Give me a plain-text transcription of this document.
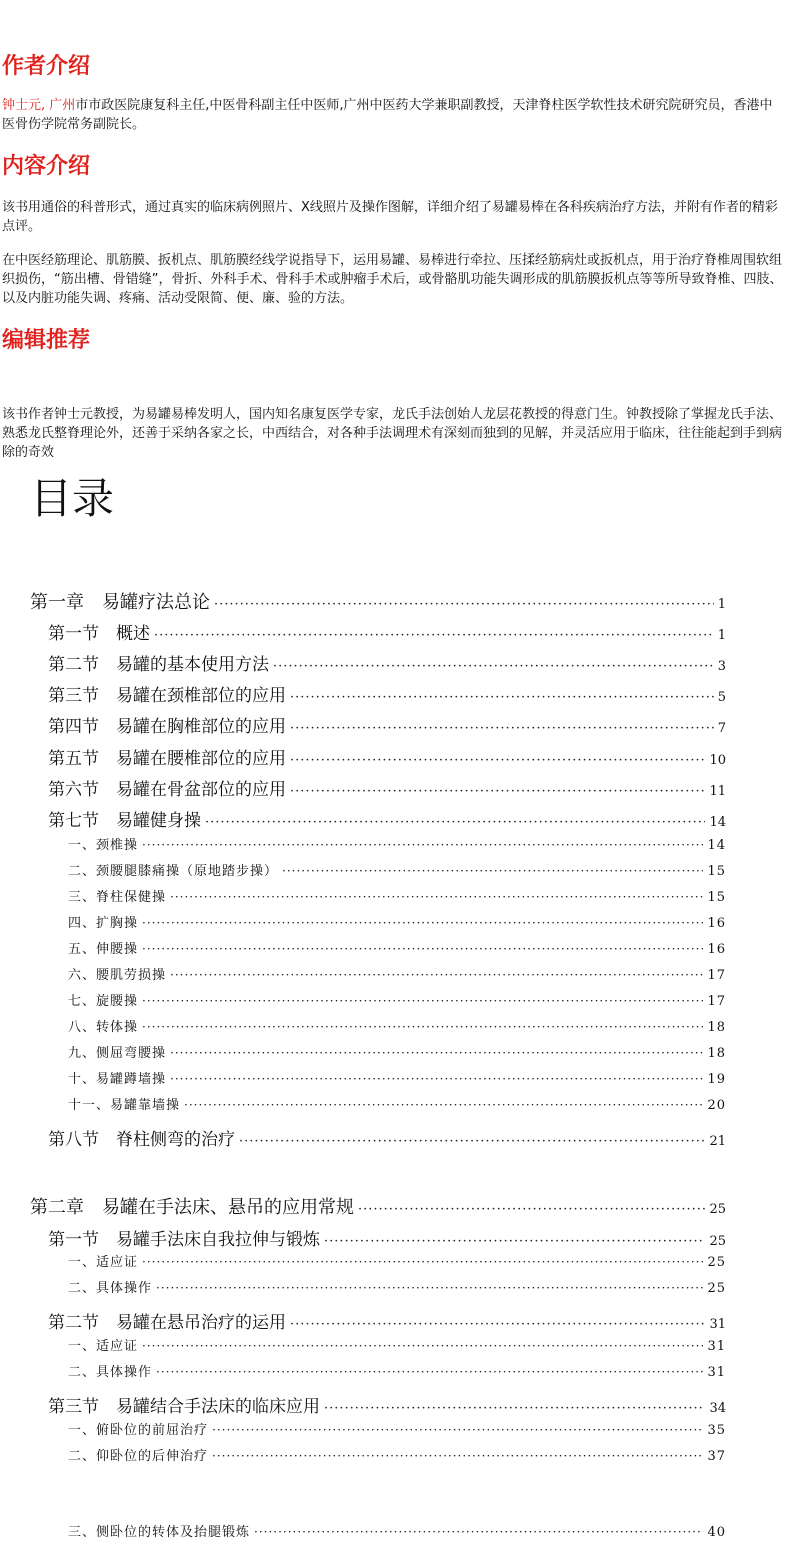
作者介绍

钟士元, 广州市市政医院康复科主任,中医骨科副主任中医师,广州中医药大学兼职副教授，天津脊柱医学软性技术研究院研究员，香港中医骨伤学院常务副院长。

内容介绍

该书用通俗的科普形式，通过真实的临床病例照片、X线照片及操作图解，详细介绍了易罐易棒在各科疾病治疗方法，并附有作者的精彩点评。

在中医经筋理论、肌筋膜、扳机点、肌筋膜经线学说指导下，运用易罐、易棒进行牵拉、压揉经筋病灶或扳机点，用于治疗脊椎周围软组织损伤，“筋出槽、骨错缝”，骨折、外科手术、骨科手术或肿瘤手术后，或骨骼肌功能失调形成的肌筋膜扳机点等等所导致脊椎、四肢、以及内脏功能失调、疼痛、活动受限简、便、廉、验的方法。

编辑推荐

该书作者钟士元教授，为易罐易棒发明人，国内知名康复医学专家，龙氏手法创始人龙层花教授的得意门生。钟教授除了掌握龙氏手法、熟悉龙氏整脊理论外，还善于采纳各家之长，中西结合，对各种手法调理术有深刻而独到的见解，并灵活应用于临床，往往能起到手到病除的奇效

目录
第一章　易罐疗法总论 ·····	1
第一节　概述 ·····	1
第二节　易罐的基本使用方法 ·····	3
第三节　易罐在颈椎部位的应用 ·····	5
第四节　易罐在胸椎部位的应用 ·····	7
第五节　易罐在腰椎部位的应用 ·····	10
第六节　易罐在骨盆部位的应用 ·····	11
第七节　易罐健身操 ·····	14
一、颈椎操 ·····	14
二、颈腰腿膝痛操（原地踏步操） ·····	15
三、脊柱保健操 ·····	15
四、扩胸操 ·····	16
五、伸腰操 ·····	16
六、腰肌劳损操 ·····	17
七、旋腰操 ·····	17
八、转体操 ·····	18
九、侧屈弯腰操 ·····	18
十、易罐蹲墙操 ·····	19
十一、易罐靠墙操 ·····	20
第八节　脊柱侧弯的治疗 ·····	21
第二章　易罐在手法床、悬吊的应用常规 ·····	25
第一节　易罐手法床自我拉伸与锻炼 ·····	25
一、适应证 ·····	25
二、具体操作 ·····	25
第二节　易罐在悬吊治疗的运用 ·····	31
一、适应证 ·····	31
二、具体操作 ·····	31
第三节　易罐结合手法床的临床应用 ·····	34
一、俯卧位的前屈治疗 ·····	35
二、仰卧位的后伸治疗 ·····	37
三、侧卧位的转体及抬腿锻炼 ·····	40
